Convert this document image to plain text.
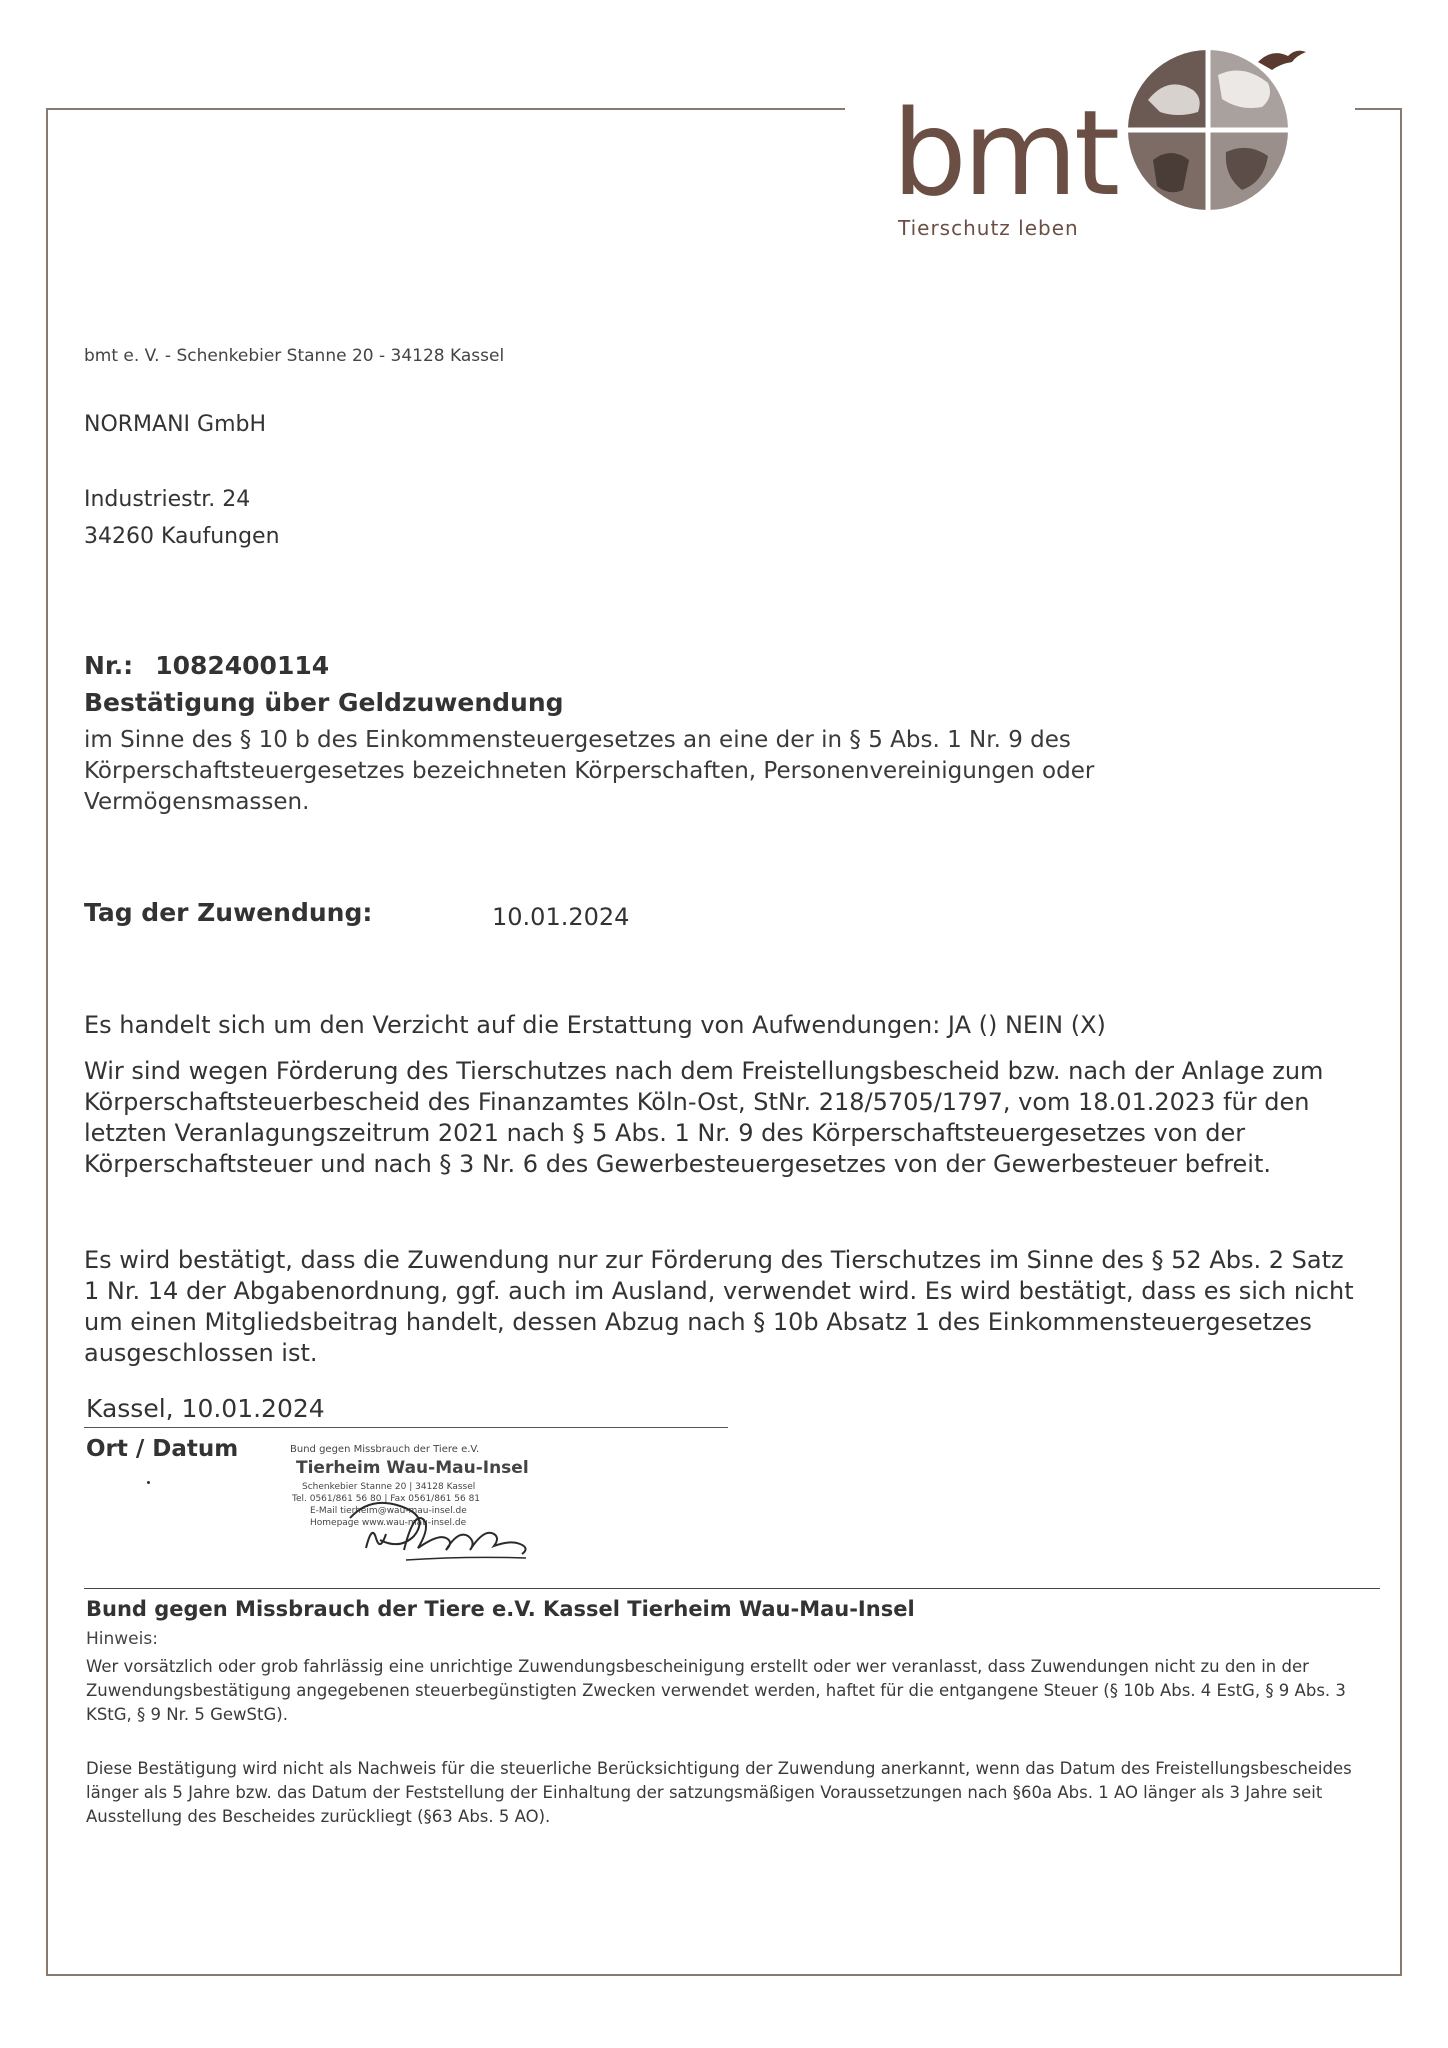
bmt
Tierschutz leben
bmt e. V. - Schenkebier Stanne 20 - 34128 Kassel
NORMANI GmbH
Industriestr. 24
34260 Kaufungen
Nr.: 1082400114
Bestätigung über Geldzuwendung
im Sinne des § 10 b des Einkommensteuergesetzes an eine der in § 5 Abs. 1 Nr. 9 des Körperschaftsteuergesetzes bezeichneten Körperschaften, Personenvereinigungen oder Vermögensmassen.
Tag der Zuwendung:	10.01.2024
Es handelt sich um den Verzicht auf die Erstattung von Aufwendungen: JA () NEIN (X)
Wir sind wegen Förderung des Tierschutzes nach dem Freistellungsbescheid bzw. nach der Anlage zum Körperschaftsteuerbescheid des Finanzamtes Köln-Ost, StNr. 218/5705/1797, vom 18.01.2023 für den letzten Veranlagungszeitrum 2021 nach § 5 Abs. 1 Nr. 9 des Körperschaftsteuergesetzes von der Körperschaftsteuer und nach § 3 Nr. 6 des Gewerbesteuergesetzes von der Gewerbesteuer befreit.
Es wird bestätigt, dass die Zuwendung nur zur Förderung des Tierschutzes im Sinne des § 52 Abs. 2 Satz 1 Nr. 14 der Abgabenordnung, ggf. auch im Ausland, verwendet wird. Es wird bestätigt, dass es sich nicht um einen Mitgliedsbeitrag handelt, dessen Abzug nach § 10b Absatz 1 des Einkommensteuergesetzes ausgeschlossen ist.
Kassel, 10.01.2024
Ort / Datum	Bund gegen Missbrauch der Tiere e.V.
Tierheim Wau-Mau-Insel
Schenkebier Stanne 20 | 34128 Kassel
Tel. 0561/861 56 80 | Fax 0561/861 56 81
E-Mail tierheim@wau-mau-insel.de
Homepage www.wau-mau-insel.de
Bund gegen Missbrauch der Tiere e.V. Kassel Tierheim Wau-Mau-Insel
Hinweis:
Wer vorsätzlich oder grob fahrlässig eine unrichtige Zuwendungsbescheinigung erstellt oder wer veranlasst, dass Zuwendungen nicht zu den in der Zuwendungsbestätigung angegebenen steuerbegünstigten Zwecken verwendet werden, haftet für die entgangene Steuer (§ 10b Abs. 4 EstG, § 9 Abs. 3 KStG, § 9 Nr. 5 GewStG).
Diese Bestätigung wird nicht als Nachweis für die steuerliche Berücksichtigung der Zuwendung anerkannt, wenn das Datum des Freistellungsbescheides länger als 5 Jahre bzw. das Datum der Feststellung der Einhaltung der satzungsmäßigen Voraussetzungen nach §60a Abs. 1 AO länger als 3 Jahre seit Ausstellung des Bescheides zurückliegt (§63 Abs. 5 AO).
